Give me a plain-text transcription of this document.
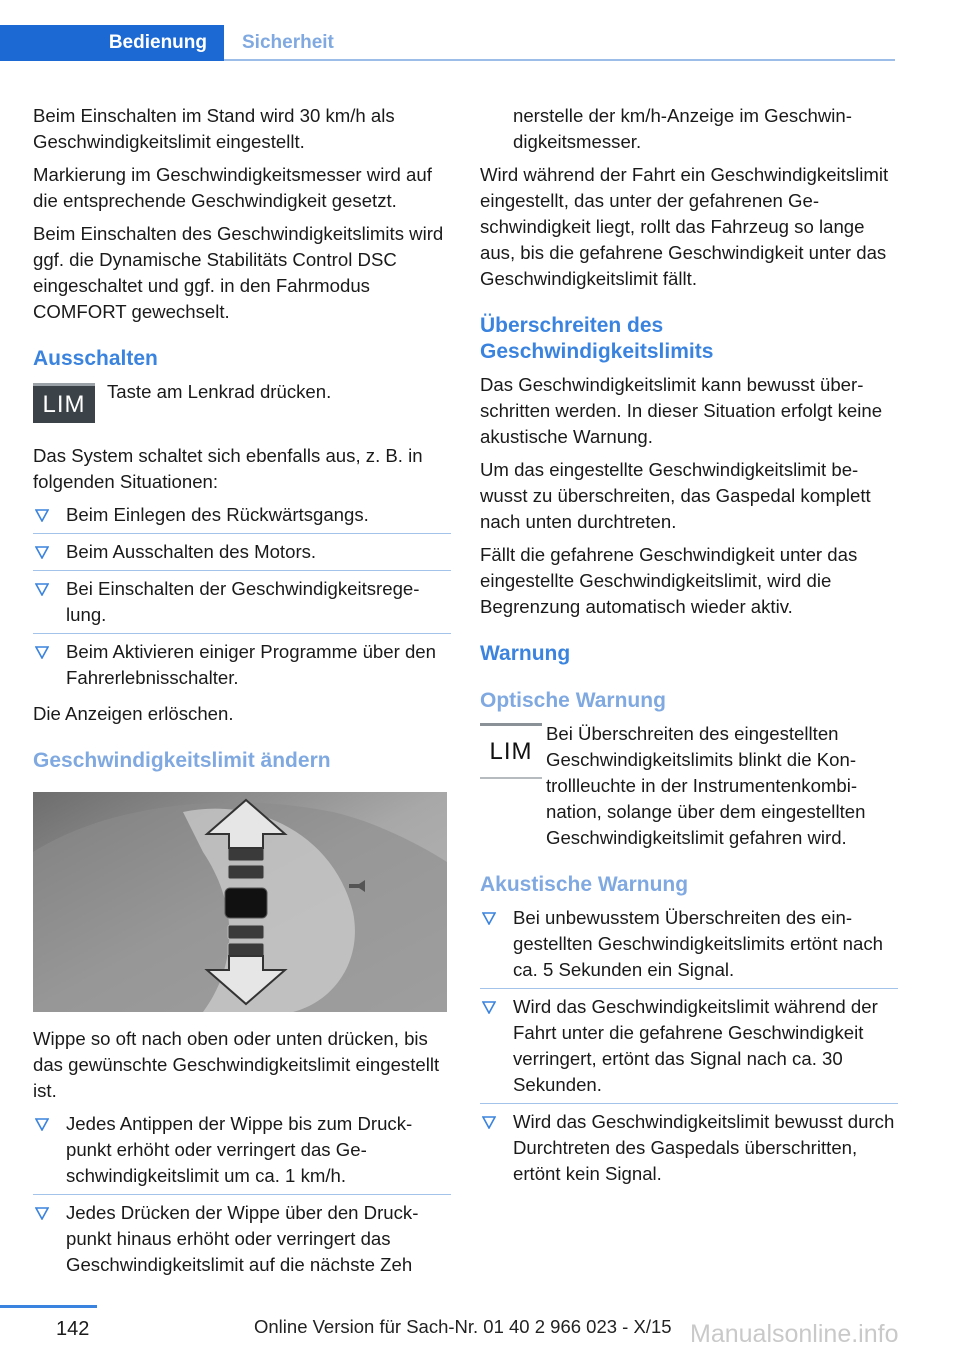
Bedienung	Sicherheit

Beim Einschalten im Stand wird 30 km/h als Geschwindigkeitslimit eingestellt.

Markierung im Geschwindigkeitsmesser wird auf die entsprechende Geschwindigkeit gesetzt.

Beim Einschalten des Geschwindigkeitslimits wird ggf. die Dynamische Stabilitäts Control DSC eingeschaltet und ggf. in den Fahrmodus COMFORT gewechselt.

Ausschalten
LIM	Taste am Lenkrad drücken.

Das System schaltet sich ebenfalls aus, z. B. in folgenden Situationen:

Beim Einlegen des Rückwärtsgangs.
Beim Ausschalten des Motors.
Bei Einschalten der Geschwindigkeitsregelung.
Beim Aktivieren einiger Programme über den Fahrerlebnisschalter.

Die Anzeigen erlöschen.

Geschwindigkeitslimit ändern

Wippe so oft nach oben oder unten drücken, bis das gewünschte Geschwindigkeitslimit eingestellt ist.

Jedes Antippen der Wippe bis zum Druckpunkt erhöht oder verringert das Geschwindigkeitslimit um ca. 1 km/h.
Jedes Drücken der Wippe über den Druckpunkt hinaus erhöht oder verringert das Geschwindigkeitslimit auf die nächste Zeh

nerstelle der km/h-Anzeige im Geschwindigkeitsmesser.

Wird während der Fahrt ein Geschwindigkeitslimit eingestellt, das unter der gefahrenen Geschwindigkeit liegt, rollt das Fahrzeug so lange aus, bis die gefahrene Geschwindigkeit unter das Geschwindigkeitslimit fällt.

Überschreiten des Geschwindigkeitslimits

Das Geschwindigkeitslimit kann bewusst überschritten werden. In dieser Situation erfolgt keine akustische Warnung.

Um das eingestellte Geschwindigkeitslimit bewusst zu überschreiten, das Gaspedal komplett nach unten durchtreten.

Fällt die gefahrene Geschwindigkeit unter das eingestellte Geschwindigkeitslimit, wird die Begrenzung automatisch wieder aktiv.

Warnung
Optische Warnung
LIM

Bei Überschreiten des eingestellten Geschwindigkeitslimits blinkt die Kontrollleuchte in der Instrumentenkombination, solange über dem eingestellten Geschwindigkeitslimit gefahren wird.

Akustische Warnung
Bei unbewusstem Überschreiten des eingestellten Geschwindigkeitslimits ertönt nach ca. 5 Sekunden ein Signal.
Wird das Geschwindigkeitslimit während der Fahrt unter die gefahrene Geschwindigkeit verringert, ertönt das Signal nach ca. 30 Sekunden.
Wird das Geschwindigkeitslimit bewusst durch Durchtreten des Gaspedals überschritten, ertönt kein Signal.
142	Online Version für Sach-Nr. 01 40 2 966 023 - X/15 Manualsonline.info
